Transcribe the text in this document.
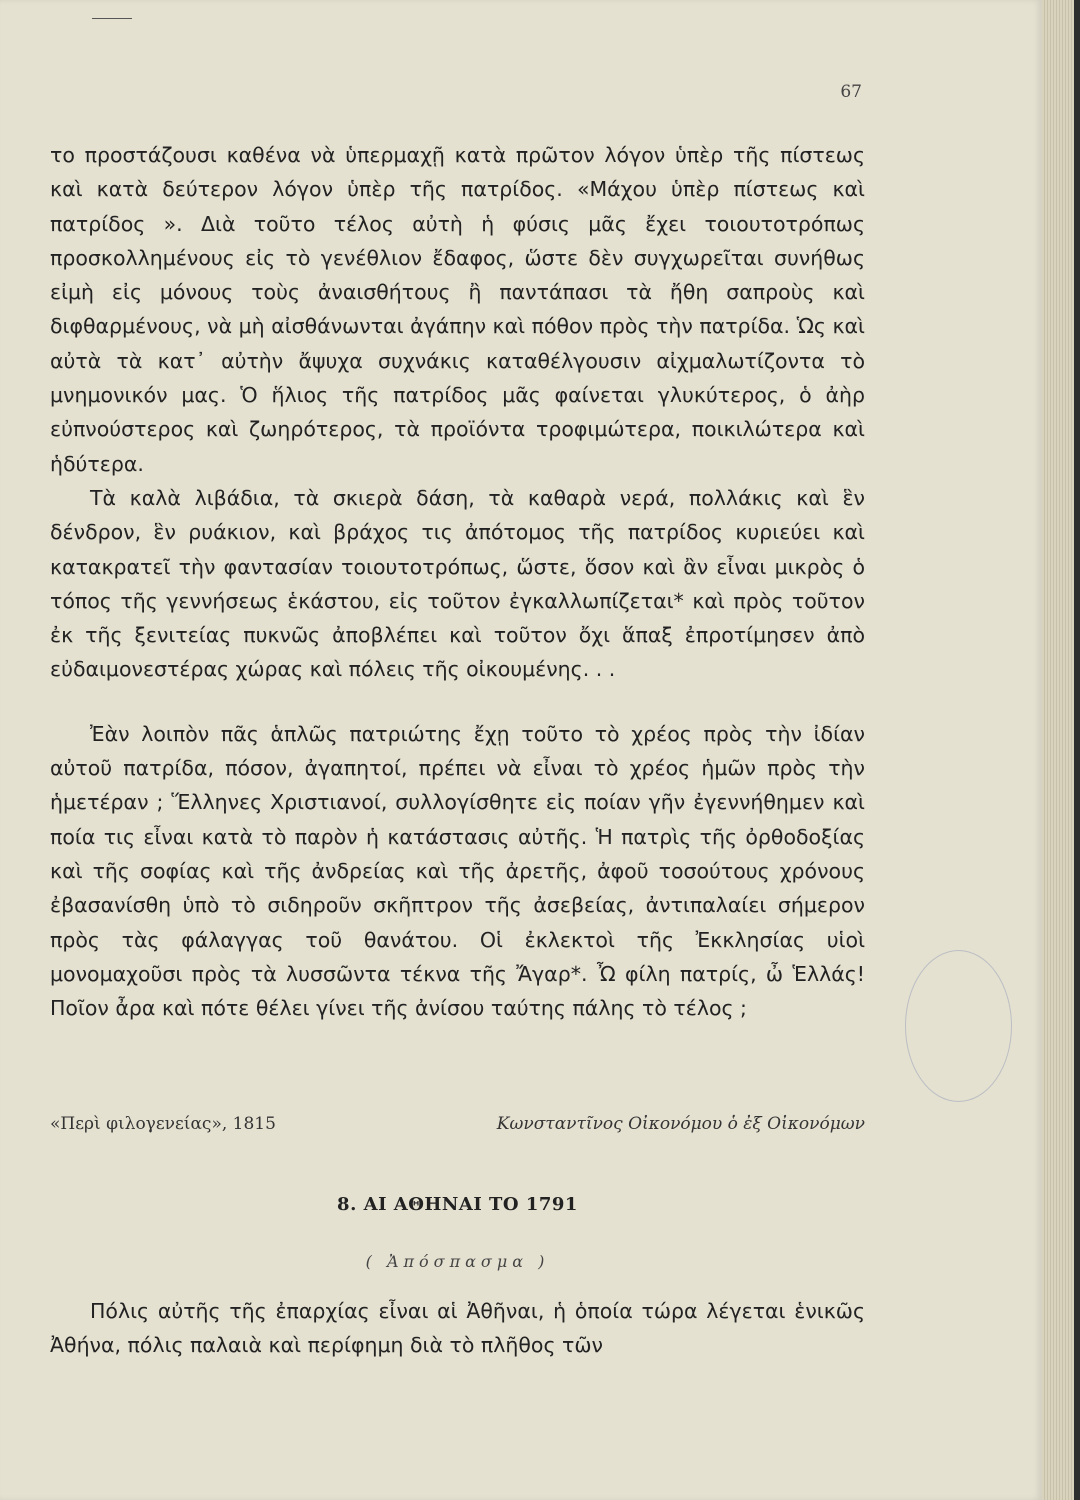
67

το προστάζουσι καθένα νὰ ὑπερμαχῇ κατὰ πρῶτον λόγον ὑπὲρ τῆς πίστεως καὶ κατὰ δεύτερον λόγον ὑπὲρ τῆς πατρίδος. «Μάχου ὑπὲρ πίστεως καὶ πατρίδος ». Διὰ τοῦτο τέλος αὐτὴ ἡ φύσις μᾶς ἔχει τοιουτοτρόπως προσκολλημένους εἰς τὸ γενέθλιον ἔδαφος, ὥστε δὲν συγχωρεῖται συνήθως εἰμὴ εἰς μόνους τοὺς ἀναισθήτους ἢ παντάπασι τὰ ἤθη σαπροὺς καὶ διφθαρμένους, νὰ μὴ αἰσθάνωνται ἀγάπην καὶ πόθον πρὸς τὴν πατρίδα. Ὡς καὶ αὐτὰ τὰ κατ᾿ αὐτὴν ἄψυχα συχνάκις καταθέλγουσιν αἰχμαλωτίζοντα τὸ μνημονικόν μας. Ὁ ἥλιος τῆς πατρίδος μᾶς φαίνεται γλυκύτερος, ὁ ἀὴρ εὐπνούστερος καὶ ζωηρότερος, τὰ προϊόντα τροφιμώτερα, ποικιλώτερα καὶ ἡδύτερα.

Τὰ καλὰ λιβάδια, τὰ σκιερὰ δάση, τὰ καθαρὰ νερά, πολλάκις καὶ ἓν δένδρον, ἓν ρυάκιον, καὶ βράχος τις ἀπότομος τῆς πατρίδος κυριεύει καὶ κατακρατεῖ τὴν φαντασίαν τοιουτοτρόπως, ὥστε, ὅσον καὶ ἂν εἶναι μικρὸς ὁ τόπος τῆς γεννήσεως ἑκάστου, εἰς τοῦτον ἐγκαλλωπίζεται* καὶ πρὸς τοῦτον ἐκ τῆς ξενιτείας πυκνῶς ἀποβλέπει καὶ τοῦτον ὄχι ἅπαξ ἐπροτίμησεν ἀπὸ εὐδαιμονεστέρας χώρας καὶ πόλεις τῆς οἰκουμένης. . .

Ἐὰν λοιπὸν πᾶς ἁπλῶς πατριώτης ἔχῃ τοῦτο τὸ χρέος πρὸς τὴν ἰδίαν αὐτοῦ πατρίδα, πόσον, ἀγαπητοί, πρέπει νὰ εἶναι τὸ χρέος ἡμῶν πρὸς τὴν ἡμετέραν ; Ἕλληνες Χριστιανοί, συλλογίσθητε εἰς ποίαν γῆν ἐγεννήθημεν καὶ ποία τις εἶναι κατὰ τὸ παρὸν ἡ κατάστασις αὐτῆς. Ἡ πατρὶς τῆς ὀρθοδοξίας καὶ τῆς σοφίας καὶ τῆς ἀνδρείας καὶ τῆς ἀρετῆς, ἀφοῦ τοσούτους χρόνους ἐβασανίσθη ὑπὸ τὸ σιδηροῦν σκῆπτρον τῆς ἀσεβείας, ἀντιπαλαίει σήμερον πρὸς τὰς φάλαγγας τοῦ θανάτου. Οἱ ἐκλεκτοὶ τῆς Ἐκκλησίας υἱοὶ μονομαχοῦσι πρὸς τὰ λυσσῶντα τέκνα τῆς Ἄγαρ*. Ὦ φίλη πατρίς, ὦ Ἑλλάς! Ποῖον ἆρα καὶ πότε θέλει γίνει τῆς ἀνίσου ταύτης πάλης τὸ τέλος ;

«Περὶ φιλογενείας», 1815	Κωνσταντῖνος Οἰκονόμου ὁ ἐξ Οἰκονόμων
8. ΑΙ ΑΘΗΝΑΙ ΤΟ 1791
( Ἀπόσπασμα )

Πόλις αὐτῆς τῆς ἐπαρχίας εἶναι αἱ Ἀθῆναι, ἡ ὁποία τώρα λέγεται ἑνικῶς Ἀθήνα, πόλις παλαιὰ καὶ περίφημη διὰ τὸ πλῆθος τῶν
